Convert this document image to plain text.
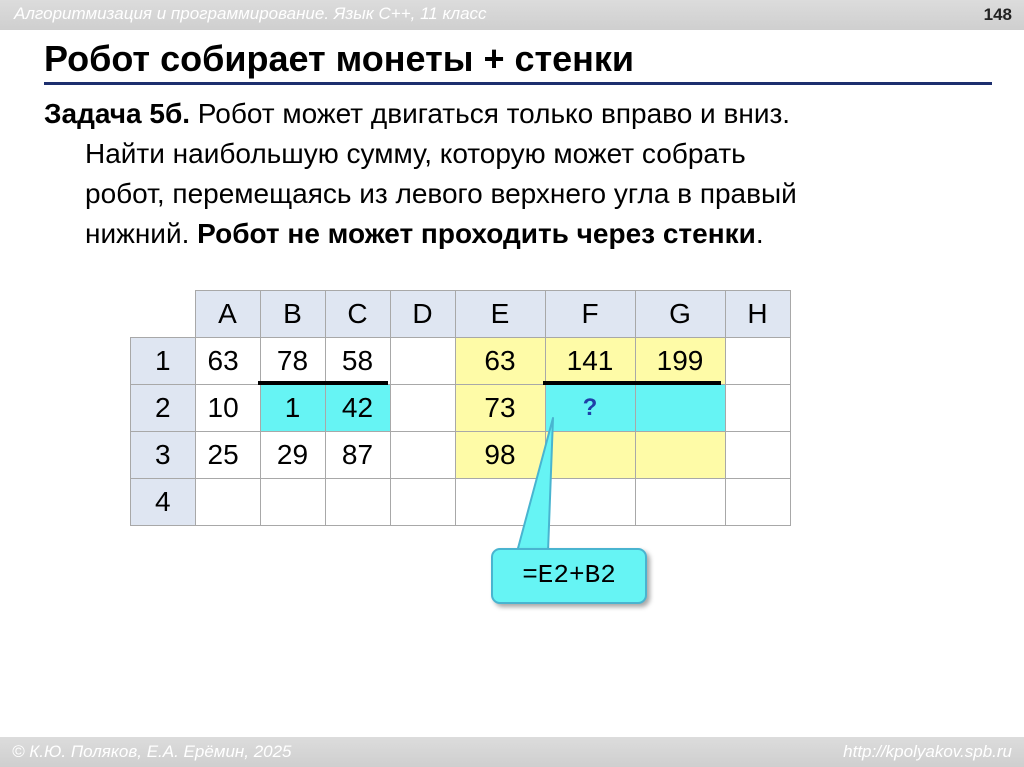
Алгоритмизация и программирование. Язык C++, 11 класс	148
Робот собирает монеты + стенки
Задача 5б. Робот может двигаться только вправо и вниз.
Найти наибольшую сумму, которую может собрать
робот, перемещаясь из левого верхнего угла в правый
нижний. Робот не может проходить через стенки.
	A	B	C	D	E	F	G	H
1	63	78	58		63	141	199	
2	10	1	42		73	?		
3	25	29	87		98			
4								
=E2+B2
© К.Ю. Поляков, Е.А. Ерёмин, 2025	http://kpolyakov.spb.ru
